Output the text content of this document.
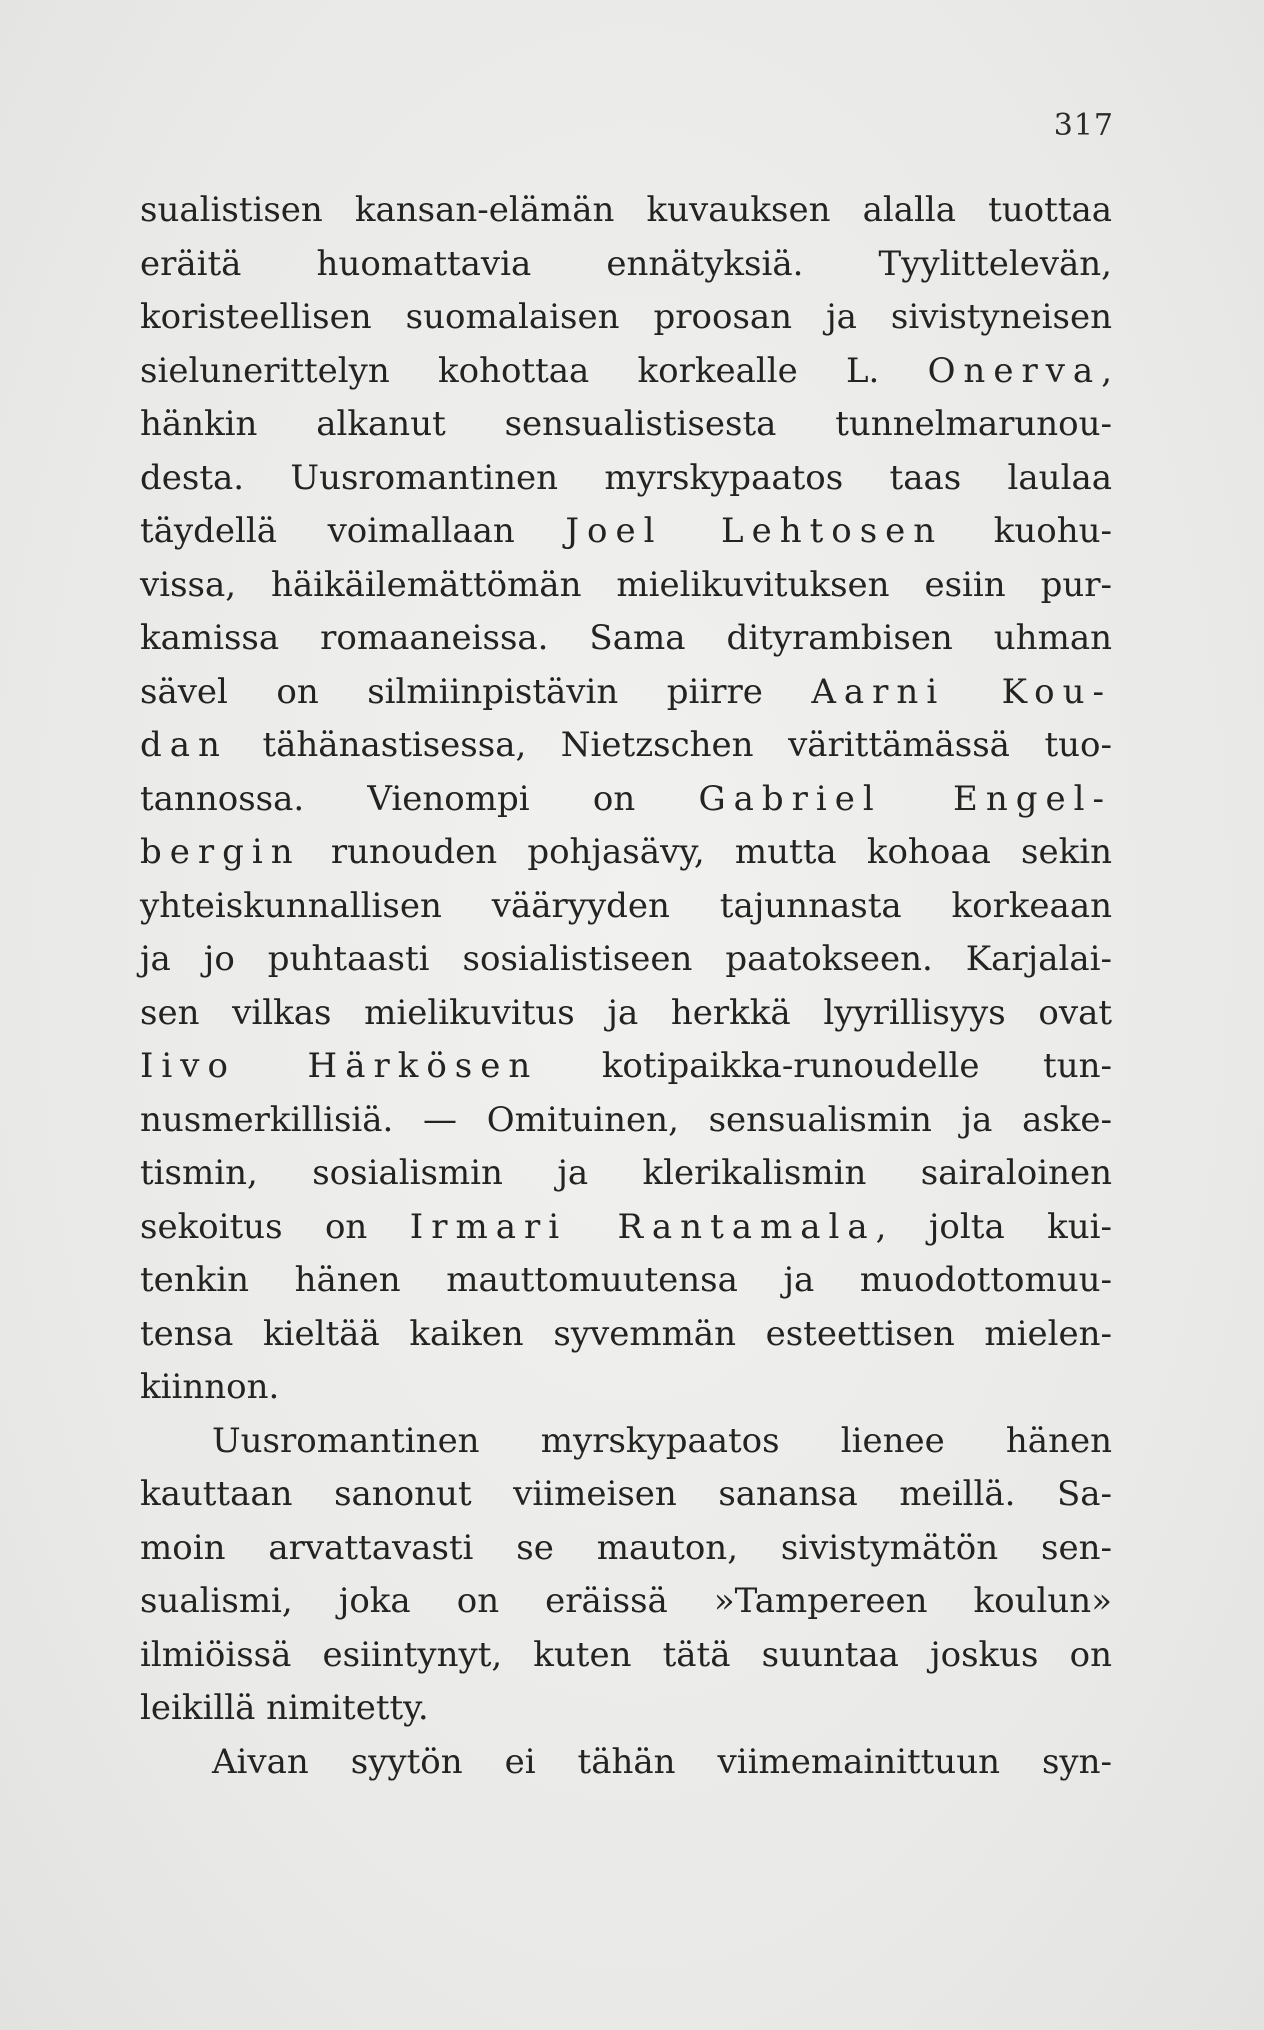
317
sualistisen kansan-elämän kuvauksen alalla tuottaa
eräitä huomattavia ennätyksiä. Tyylittelevän,
koristeellisen suomalaisen proosan ja sivistyneisen
sielunerittelyn kohottaa korkealle L. Onerva,
hänkin alkanut sensualistisesta tunnelmarunou-
desta. Uusromantinen myrskypaatos taas laulaa
täydellä voimallaan Joel Lehtosen kuohu-
vissa, häikäilemättömän mielikuvituksen esiin pur-
kamissa romaaneissa. Sama dityrambisen uhman
sävel on silmiinpistävin piirre Aarni Kou-
dan tähänastisessa, Nietzschen värittämässä tuo-
tannossa. Vienompi on Gabriel Engel-
bergin runouden pohjasävy, mutta kohoaa sekin
yhteiskunnallisen vääryyden tajunnasta korkeaan
ja jo puhtaasti sosialistiseen paatokseen. Karjalai-
sen vilkas mielikuvitus ja herkkä lyyrillisyys ovat
Iivo Härkösen kotipaikka-runoudelle tun-
nusmerkillisiä. — Omituinen, sensualismin ja aske-
tismin, sosialismin ja klerikalismin sairaloinen
sekoitus on Irmari Rantamala, jolta kui-
tenkin hänen mauttomuutensa ja muodottomuu-
tensa kieltää kaiken syvemmän esteettisen mielen-
kiinnon.
Uusromantinen myrskypaatos lienee hänen
kauttaan sanonut viimeisen sanansa meillä. Sa-
moin arvattavasti se mauton, sivistymätön sen-
sualismi, joka on eräissä »Tampereen koulun»
ilmiöissä esiintynyt, kuten tätä suuntaa joskus on
leikillä nimitetty.
Aivan syytön ei tähän viimemainittuun syn-
